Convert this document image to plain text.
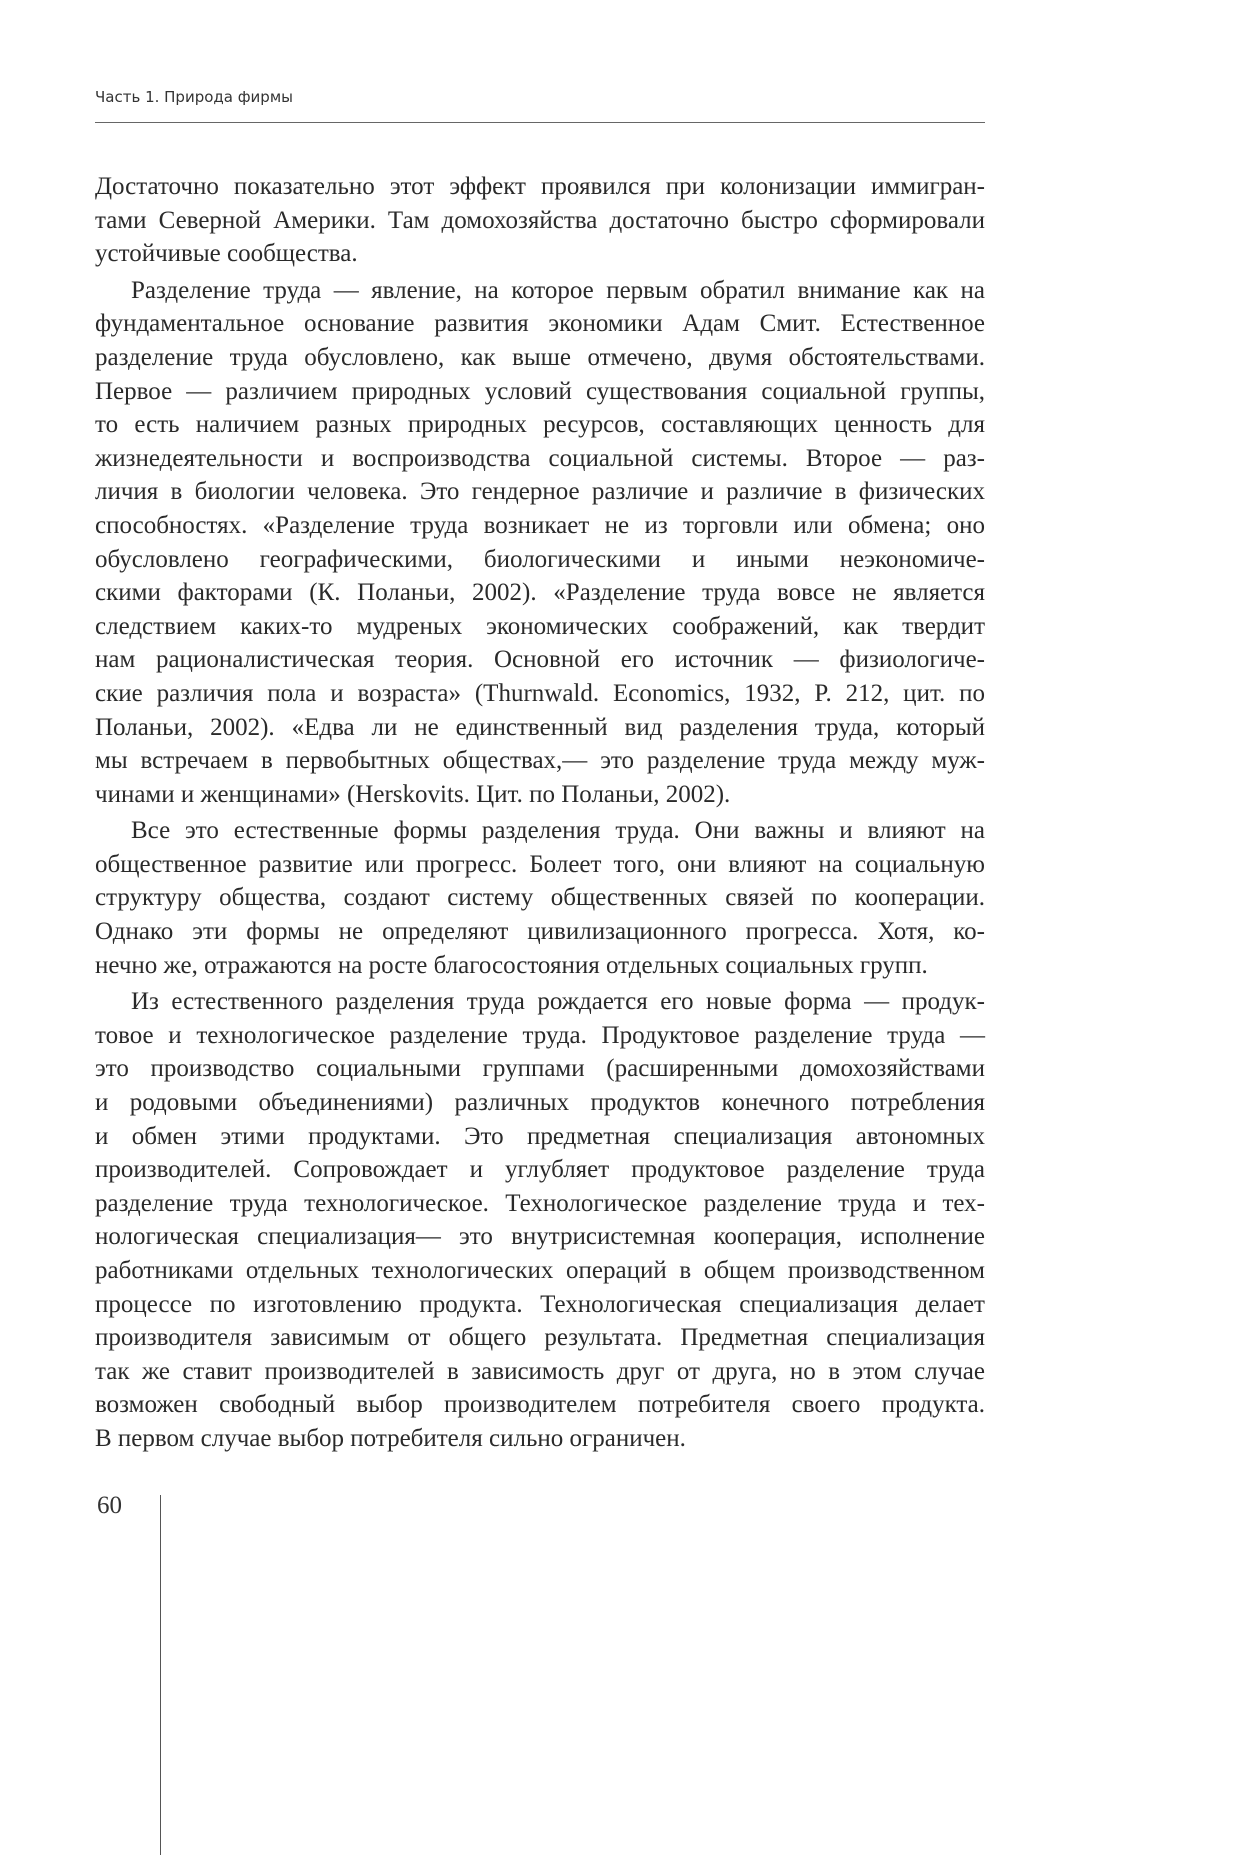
Часть 1. Природа фирмы
Достаточно показательно этот эффект проявился при колонизации иммигран-
тами Северной Америки. Там домохозяйства достаточно быстро сформировали
устойчивые сообщества.
Разделение труда — явление, на которое первым обратил внимание как на
фундаментальное основание развития экономики Адам Смит. Естественное
разделение труда обусловлено, как выше отмечено, двумя обстоятельствами.
Первое — различием природных условий существования социальной группы,
то есть наличием разных природных ресурсов, составляющих ценность для
жизнедеятельности и воспроизводства социальной системы. Второе — раз-
личия в биологии человека. Это гендерное различие и различие в физических
способностях. «Разделение труда возникает не из торговли или обмена; оно
обусловлено географическими, биологическими и иными неэкономиче-
скими факторами (К. Поланьи, 2002). «Разделение труда вовсе не является
следствием каких-то мудреных экономических соображений, как твердит
нам рационалистическая теория. Основной его источник — физиологиче-
ские различия пола и возраста» (Thurnwald. Economics, 1932, P. 212, цит. по
Поланьи, 2002). «Едва ли не единственный вид разделения труда, который
мы встречаем в первобытных обществах,— это разделение труда между муж-
чинами и женщинами» (Herskovits. Цит. по Поланьи, 2002).
Все это естественные формы разделения труда. Они важны и влияют на
общественное развитие или прогресс. Болеет того, они влияют на социальную
структуру общества, создают систему общественных связей по кооперации.
Однако эти формы не определяют цивилизационного прогресса. Хотя, ко-
нечно же, отражаются на росте благосостояния отдельных социальных групп.
Из естественного разделения труда рождается его новые форма — продук-
товое и технологическое разделение труда. Продуктовое разделение труда —
это производство социальными группами (расширенными домохозяйствами
и родовыми объединениями) различных продуктов конечного потребления
и обмен этими продуктами. Это предметная специализация автономных
производителей. Сопровождает и углубляет продуктовое разделение труда
разделение труда технологическое. Технологическое разделение труда и тех-
нологическая специализация— это внутрисистемная кооперация, исполнение
работниками отдельных технологических операций в общем производственном
процессе по изготовлению продукта. Технологическая специализация делает
производителя зависимым от общего результата. Предметная специализация
так же ставит производителей в зависимость друг от друга, но в этом случае
возможен свободный выбор производителем потребителя своего продукта.
В первом случае выбор потребителя сильно ограничен.
60
